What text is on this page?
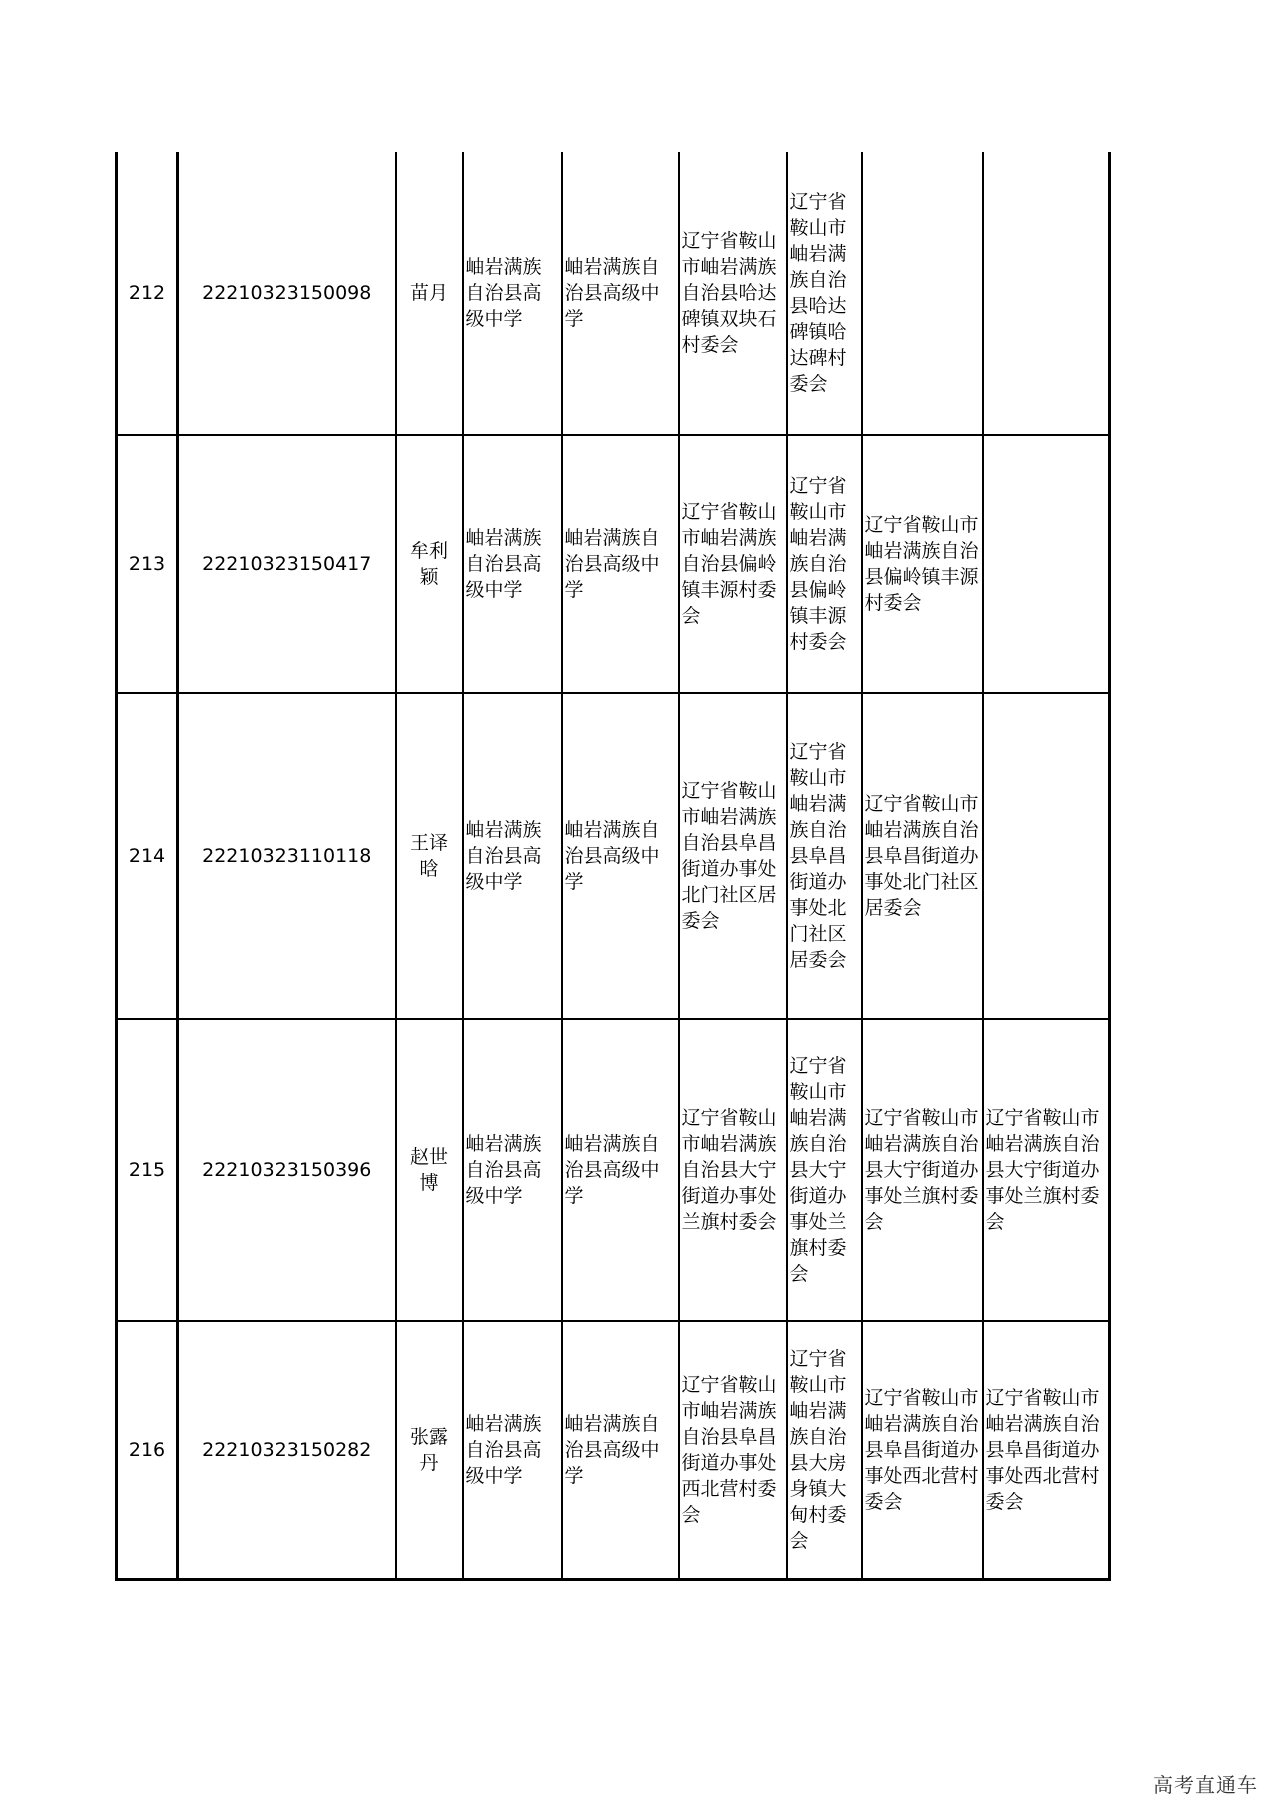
212	22210323150098	苗月	岫岩满族自治县高级中学	岫岩满族自治县高级中学	辽宁省鞍山市岫岩满族自治县哈达碑镇双块石村委会	辽宁省鞍山市岫岩满族自治县哈达碑镇哈达碑村委会		
213	22210323150417	牟利颖	岫岩满族自治县高级中学	岫岩满族自治县高级中学	辽宁省鞍山市岫岩满族自治县偏岭镇丰源村委会	辽宁省鞍山市岫岩满族自治县偏岭镇丰源村委会	辽宁省鞍山市岫岩满族自治县偏岭镇丰源村委会	
214	22210323110118	王译晗	岫岩满族自治县高级中学	岫岩满族自治县高级中学	辽宁省鞍山市岫岩满族自治县阜昌街道办事处北门社区居委会	辽宁省鞍山市岫岩满族自治县阜昌街道办事处北门社区居委会	辽宁省鞍山市岫岩满族自治县阜昌街道办事处北门社区居委会	
215	22210323150396	赵世博	岫岩满族自治县高级中学	岫岩满族自治县高级中学	辽宁省鞍山市岫岩满族自治县大宁街道办事处兰旗村委会	辽宁省鞍山市岫岩满族自治县大宁街道办事处兰旗村委会	辽宁省鞍山市岫岩满族自治县大宁街道办事处兰旗村委会	辽宁省鞍山市岫岩满族自治县大宁街道办事处兰旗村委会
216	22210323150282	张露丹	岫岩满族自治县高级中学	岫岩满族自治县高级中学	辽宁省鞍山市岫岩满族自治县阜昌街道办事处西北营村委会	辽宁省鞍山市岫岩满族自治县大房身镇大甸村委会	辽宁省鞍山市岫岩满族自治县阜昌街道办事处西北营村委会	辽宁省鞍山市岫岩满族自治县阜昌街道办事处西北营村委会
高考直通车
